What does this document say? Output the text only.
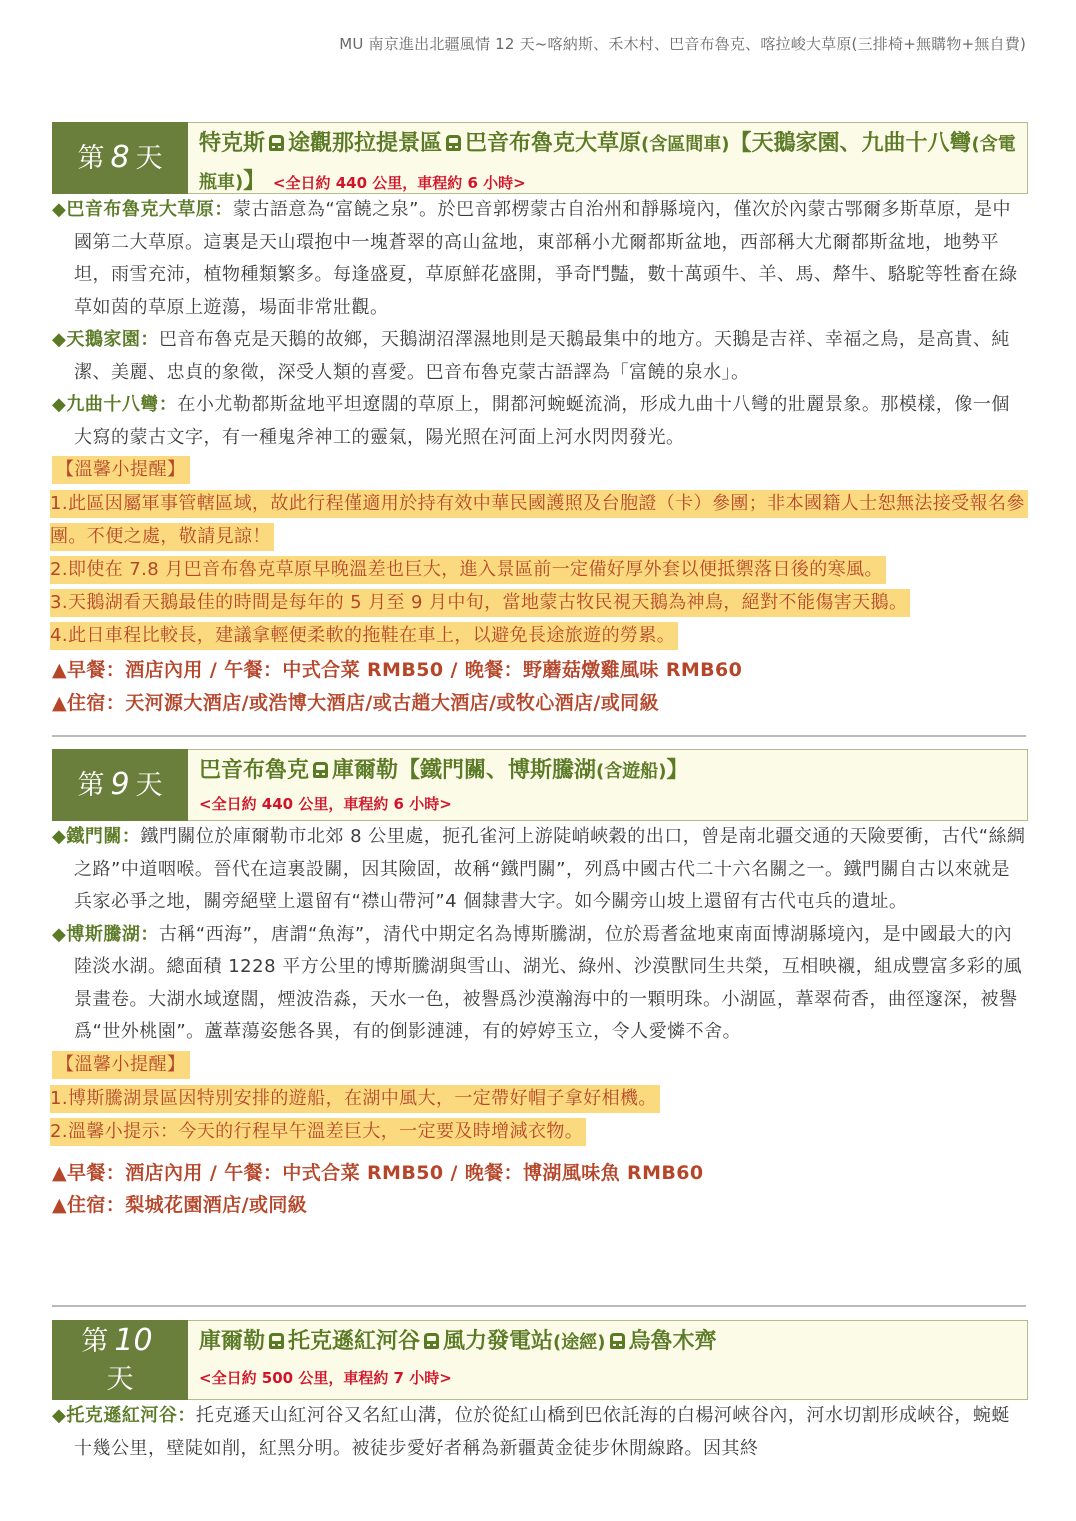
MU 南京進出北疆風情 12 天~喀納斯、禾木村、巴音布魯克、喀拉峻大草原(三排椅+無購物+無自費)
第 8 天	特克斯 途觀那拉提景區 巴音布魯克大草原(含區間車)【天鵝家園、九曲十八彎(含電瓶車)】 <全日約 440 公里，車程約 6 小時>
◆巴音布魯克大草原：蒙古語意為“富饒之泉”。於巴音郭楞蒙古自治州和靜縣境內，僅次於內蒙古鄂爾多斯草原，是中國第二大草原。這裏是天山環抱中一塊蒼翠的高山盆地，東部稱小尤爾都斯盆地，西部稱大尤爾都斯盆地，地勢平坦，雨雪充沛，植物種類繁多。每逢盛夏，草原鮮花盛開，爭奇鬥豔，數十萬頭牛、羊、馬、犛牛、駱駝等牲畜在綠草如茵的草原上遊蕩，場面非常壯觀。
◆天鵝家園：巴音布魯克是天鵝的故鄉，天鵝湖沼澤濕地則是天鵝最集中的地方。天鵝是吉祥、幸福之鳥，是高貴、純潔、美麗、忠貞的象徵，深受人類的喜愛。巴音布魯克蒙古語譯為「富饒的泉水」。
◆九曲十八彎：在小尤勒都斯盆地平坦遼闊的草原上，開都河蜿蜒流淌，形成九曲十八彎的壯麗景象。那模樣，像一個大寫的蒙古文字，有一種鬼斧神工的靈氣，陽光照在河面上河水閃閃發光。
【溫馨小提醒】
1.此區因屬軍事管轄區域，故此行程僅適用於持有效中華民國護照及台胞證（卡）參團；非本國籍人士恕無法接受報名參團。不便之處，敬請見諒！
2.即使在 7.8 月巴音布魯克草原早晚溫差也巨大，進入景區前一定備好厚外套以便抵禦落日後的寒風。
3.天鵝湖看天鵝最佳的時間是每年的 5 月至 9 月中旬，當地蒙古牧民視天鵝為神鳥，絕對不能傷害天鵝。
4.此日車程比較長，建議拿輕便柔軟的拖鞋在車上，以避免長途旅遊的勞累。
▲早餐：酒店內用 / 午餐：中式合菜 RMB50 / 晚餐：野蘑菇燉雞風味 RMB60
▲住宿：天河源大酒店/或浩博大酒店/或古趙大酒店/或牧心酒店/或同級
第 9 天 巴音布魯克 庫爾勒【鐵門關、博斯騰湖(含遊船)】
<全日約 440 公里，車程約 6 小時>
◆鐵門關：鐵門關位於庫爾勒市北郊 8 公里處，扼孔雀河上游陡峭峽穀的出口，曾是南北疆交通的天險要衝，古代“絲綢之路”中道咽喉。晉代在這裏設關，因其險固，故稱“鐵門關”，列爲中國古代二十六名關之一。鐵門關自古以來就是兵家必爭之地，關旁絕壁上還留有“襟山帶河”4 個隸書大字。如今關旁山坡上還留有古代屯兵的遺址。
◆博斯騰湖：古稱“西海”，唐謂“魚海”，清代中期定名為博斯騰湖，位於焉耆盆地東南面博湖縣境內，是中國最大的內陸淡水湖。總面積 1228 平方公里的博斯騰湖與雪山、湖光、綠州、沙漠獸同生共榮，互相映襯，組成豐富多彩的風景畫卷。大湖水域遼闊，煙波浩淼，天水一色，被譽爲沙漠瀚海中的一顆明珠。小湖區，葦翠荷香，曲徑邃深，被譽爲“世外桃園”。蘆葦蕩姿態各異，有的倒影漣漣，有的婷婷玉立，令人愛憐不舍。
【溫馨小提醒】
1.博斯騰湖景區因特別安排的遊船，在湖中風大，一定帶好帽子拿好相機。
2.溫馨小提示：今天的行程早午溫差巨大，一定要及時增減衣物。
▲早餐：酒店內用 / 午餐：中式合菜 RMB50 / 晚餐：博湖風味魚 RMB60
▲住宿：梨城花園酒店/或同級
第 10
天
庫爾勒 托克遜紅河谷 風力發電站(途經) 烏魯木齊
<全日約 500 公里，車程約 7 小時>
◆托克遜紅河谷：托克遜天山紅河谷又名紅山溝，位於從紅山橋到巴依託海的白楊河峽谷內，河水切割形成峽谷，蜿蜒十幾公里，壁陡如削，紅黑分明。被徒步愛好者稱為新疆黃金徒步休閒線路。因其終
